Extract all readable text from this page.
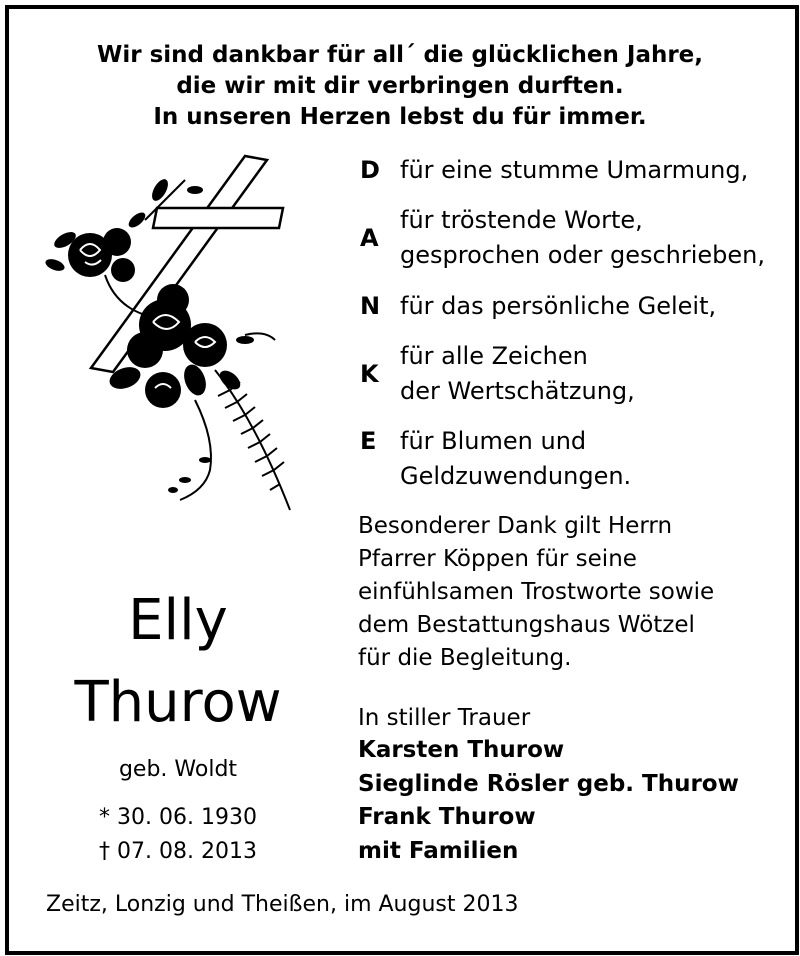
Wir sind dankbar für all´ die glücklichen Jahre,
die wir mit dir verbringen durften.
In unseren Herzen lebst du für immer.
D für eine stumme Umarmung,
A
für tröstende Worte,
gesprochen oder geschrieben,
N für das persönliche Geleit,
K
für alle Zeichen
der Wertschätzung,
E für Blumen und
Geldzuwendungen.
Besonderer Dank gilt Herrn
Pfarrer Köppen für seine
einfühlsamen Trostworte sowie
dem Bestattungshaus Wötzel
für die Begleitung.
Elly
Thurow
geb. Woldt
* 30. 06. 1930
† 07. 08. 2013
In stiller Trauer
Karsten Thurow
Sieglinde Rösler geb. Thurow
Frank Thurow
mit Familien
Zeitz, Lonzig und Theißen, im August 2013
